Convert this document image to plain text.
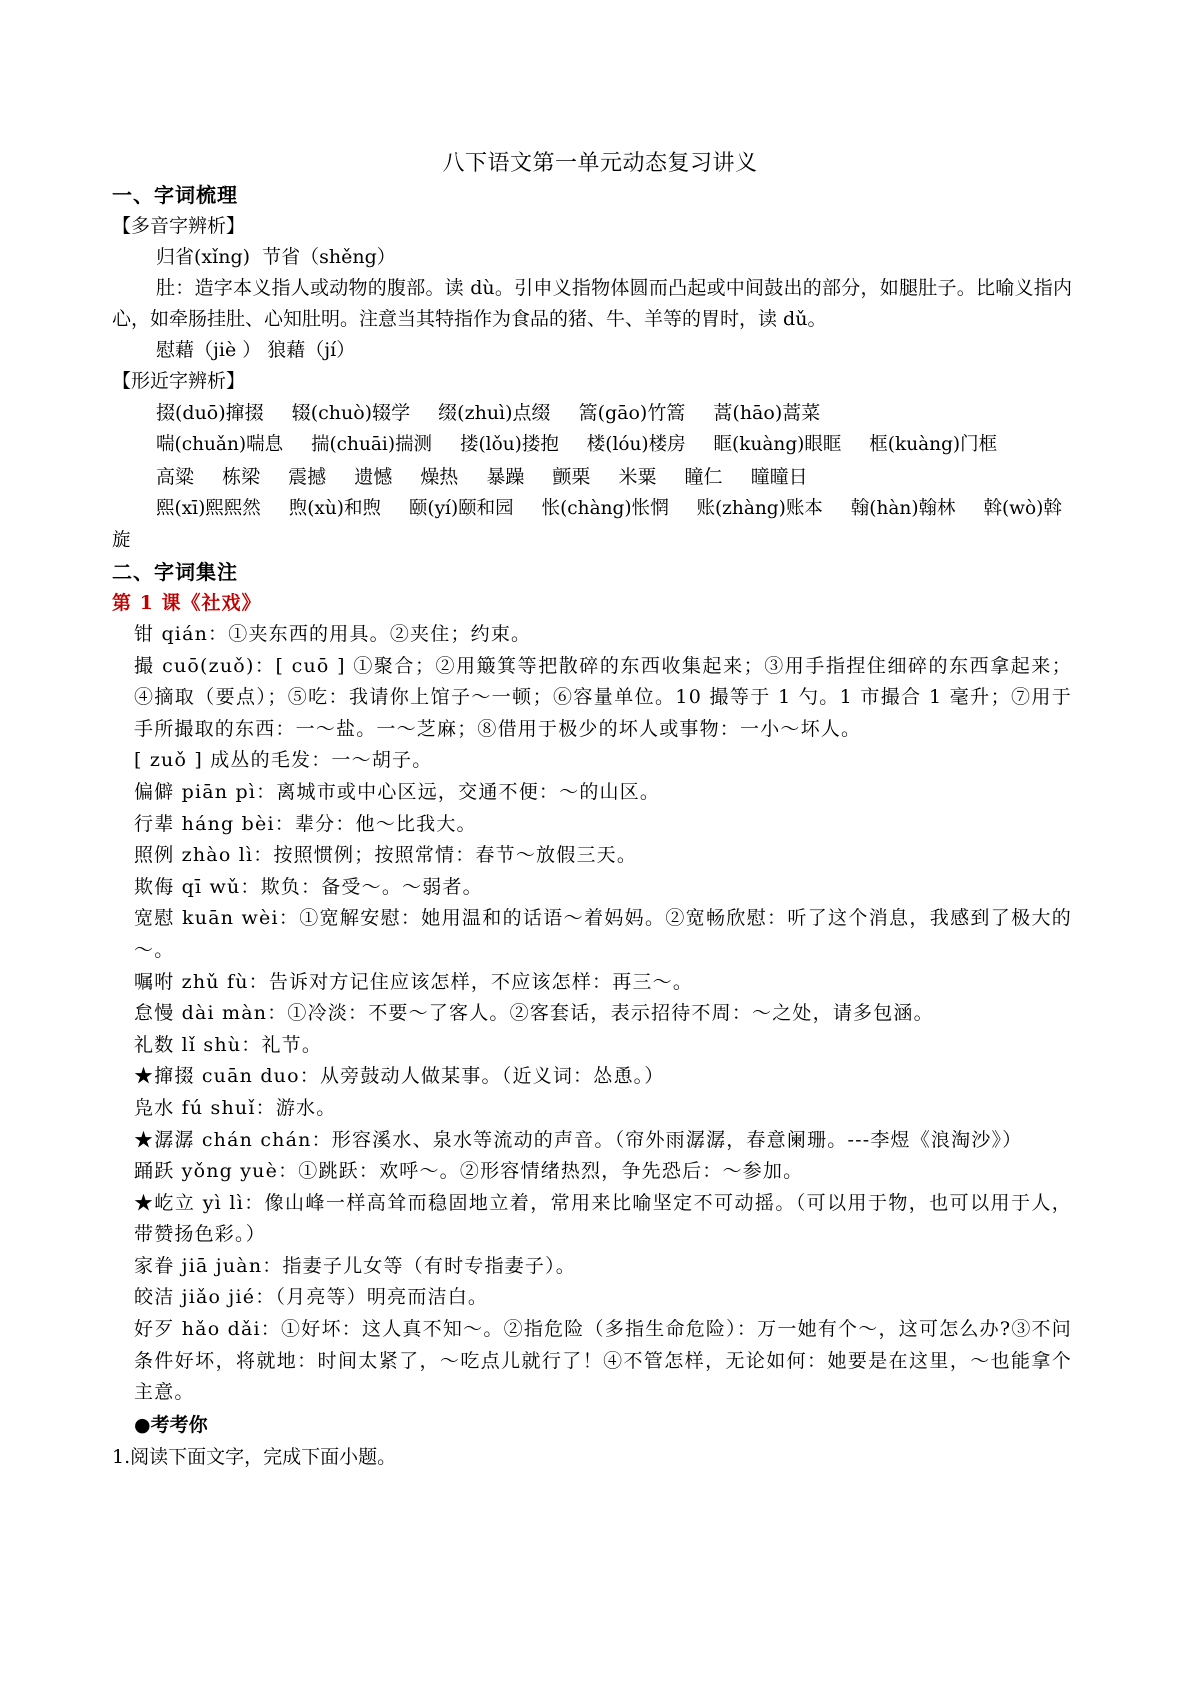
八下语文第一单元动态复习讲义
一、字词梳理
【多音字辨析】
归省(xǐng)  节省（shěng）
肚：造字本义指人或动物的腹部。读 dù。引申义指物体圆而凸起或中间鼓出的部分，如腿肚子。比喻义指内心，如牵肠挂肚、心知肚明。注意当其特指作为食品的猪、牛、羊等的胃时，读 dǔ。
慰藉（jiè ） 狼藉（jí）
【形近字辨析】
掇(duō)撺掇 辍(chuò)辍学 缀(zhuì)点缀 篙(gāo)竹篙 蒿(hāo)蒿菜
喘(chuǎn)喘息 揣(chuāi)揣测 搂(lǒu)搂抱 楼(lóu)楼房 眶(kuàng)眼眶 框(kuàng)门框
高粱 栋梁 震撼 遗憾 燥热 暴躁 颤栗 米粟 瞳仁 曈曈日
熙(xī)熙熙然 煦(xù)和煦 颐(yí)颐和园 怅(chàng)怅惘 账(zhàng)账本 翰(hàn)翰林 斡(wò)斡旋
二、字词集注
第 1 课《社戏》
钳 qián：①夹东西的用具。②夹住；约束。
撮 cuō(zuǒ)：[ cuō ] ①聚合；②用簸箕等把散碎的东西收集起来；③用手指捏住细碎的东西拿起来；④摘取（要点）；⑤吃：我请你上馆子～一顿；⑥容量单位。10 撮等于 1 勺。1 市撮合 1 毫升；⑦用于手所撮取的东西：一～盐。一～芝麻；⑧借用于极少的坏人或事物：一小～坏人。
[ zuǒ ] 成丛的毛发：一～胡子。
偏僻 piān pì：离城市或中心区远，交通不便：～的山区。
行辈 háng bèi：辈分：他～比我大。
照例 zhào lì：按照惯例；按照常情：春节～放假三天。
欺侮 qī wǔ：欺负：备受～。～弱者。
宽慰 kuān wèi：①宽解安慰：她用温和的话语～着妈妈。②宽畅欣慰：听了这个消息，我感到了极大的～。
嘱咐 zhǔ fù：告诉对方记住应该怎样，不应该怎样：再三～。
怠慢 dài màn：①冷淡：不要～了客人。②客套话，表示招待不周：～之处，请多包涵。
礼数 lǐ shù：礼节。
★撺掇 cuān duo：从旁鼓动人做某事。（近义词：怂恿。）
凫水 fú shuǐ：游水。
★潺潺 chán chán：形容溪水、泉水等流动的声音。（帘外雨潺潺，春意阑珊。---李煜《浪淘沙》）
踊跃 yǒng yuè：①跳跃：欢呼～。②形容情绪热烈，争先恐后：～参加。
★屹立 yì lì：像山峰一样高耸而稳固地立着，常用来比喻坚定不可动摇。（可以用于物，也可以用于人，带赞扬色彩。）
家眷 jiā juàn：指妻子儿女等（有时专指妻子）。
皎洁 jiǎo jié：（月亮等）明亮而洁白。
好歹 hǎo dǎi：①好坏：这人真不知～。②指危险（多指生命危险）：万一她有个～，这可怎么办?③不问条件好坏，将就地：时间太紧了，～吃点儿就行了！④不管怎样，无论如何：她要是在这里，～也能拿个主意。
●考考你
1.阅读下面文字，完成下面小题。
